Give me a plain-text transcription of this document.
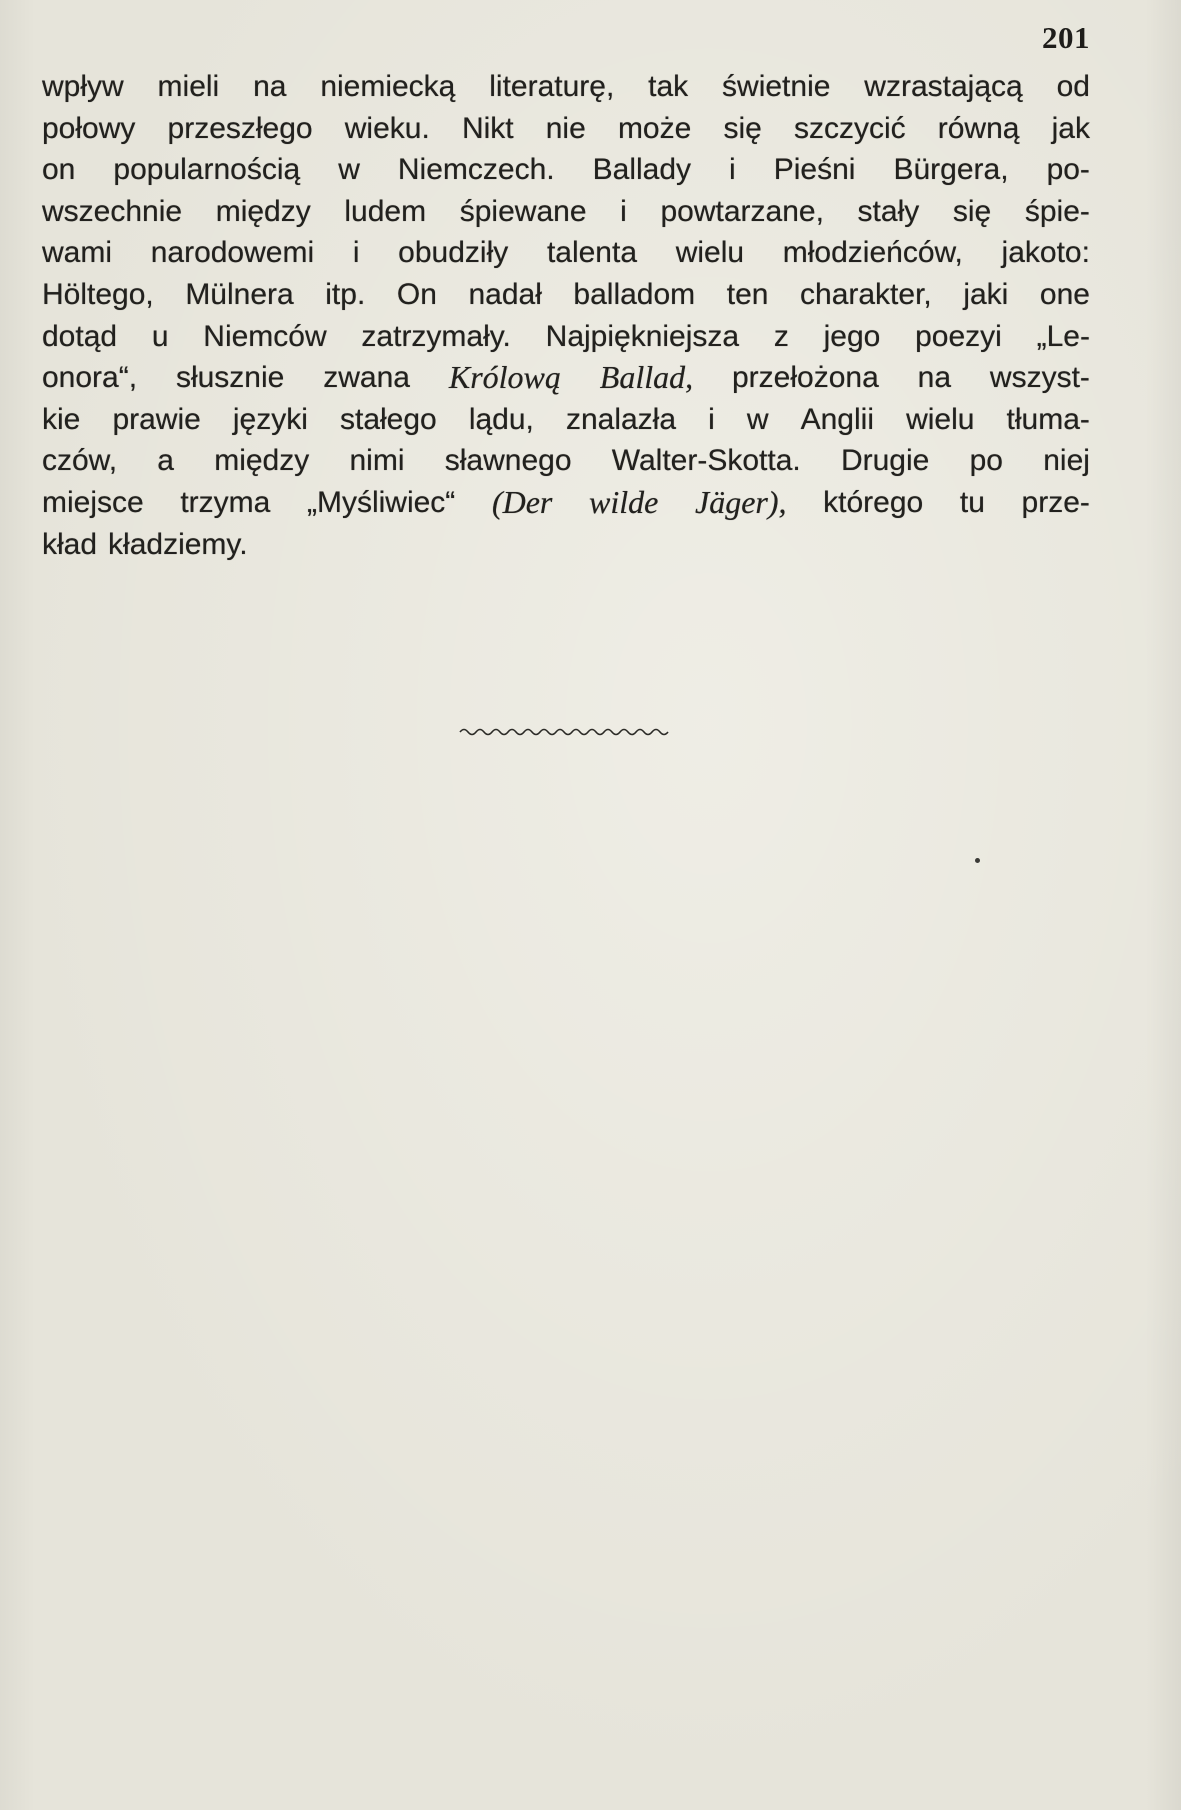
201
wpływ mieli na niemiecką literaturę, tak świetnie wzrastającą od
połowy przeszłego wieku. Nikt nie może się szczycić równą jak
on popularnością w Niemczech. Ballady i Pieśni Bürgera, po-
wszechnie między ludem śpiewane i powtarzane, stały się śpie-
wami narodowemi i obudziły talenta wielu młodzieńców, jakoto:
Höltego, Mülnera itp. On nadał balladom ten charakter, jaki one
dotąd u Niemców zatrzymały. Najpiękniejsza z jego poezyi „Le-
onora“, słusznie zwana Królową Ballad, przełożona na wszyst-
kie prawie języki stałego lądu, znalazła i w Anglii wielu tłuma-
czów, a między nimi sławnego Walter-Skotta. Drugie po niej
miejsce trzyma „Myśliwiec“ (Der wilde Jäger), którego tu prze-
kład kładziemy.
